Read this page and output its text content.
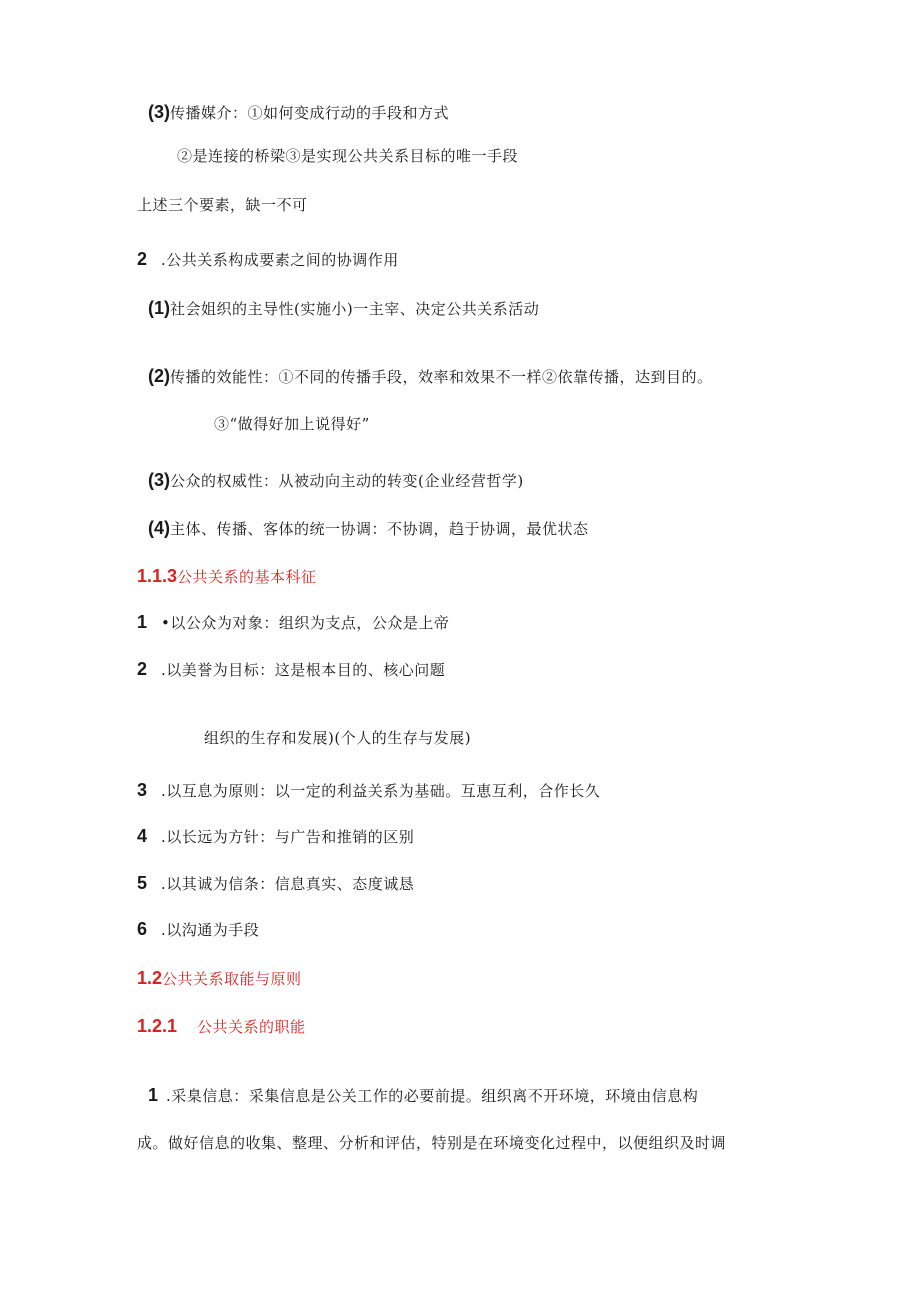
(3)传播媒介：①如何变成行动的手段和方式
②是连接的桥梁③是实现公共关系目标的唯一手段
上述三个要素，缺一不可
2 .公共关系构成要素之间的协调作用
(1)社会姐织的主导性(实施小)一主宰、决定公共关系活动
(2)传播的效能性：①不同的传播手段，效率和效果不一样②依靠传播，达到目的。
③“做得好加上说得好”
(3)公众的权威性：从被动向主动的转变(企业经营哲学)
(4)主体、传播、客体的统一协调：不协调，趋于协调，最优状态
1.1.3公共关系的基本科征
1 •以公众为对象：组织为支点，公众是上帝
2 .以美誉为目标：这是根本目的、核心问题
组织的生存和发展)(个人的生存与发展)
3 .以互息为原则：以一定的利益关系为基础。互恵互利，合作长久
4 .以长远为方针：与广告和推销的区别
5 .以其诚为信条：信息真实、态度诚恳
6 .以沟通为手段
1.2公共关系取能与原则
1.2.1 公共关系的职能
1 .采臬信息：采集信息是公关工作的必要前提。组织离不开环境，环境由信息构
成。做好信息的收集、整理、分析和评估，特别是在环境变化过程中，以便组织及时调
